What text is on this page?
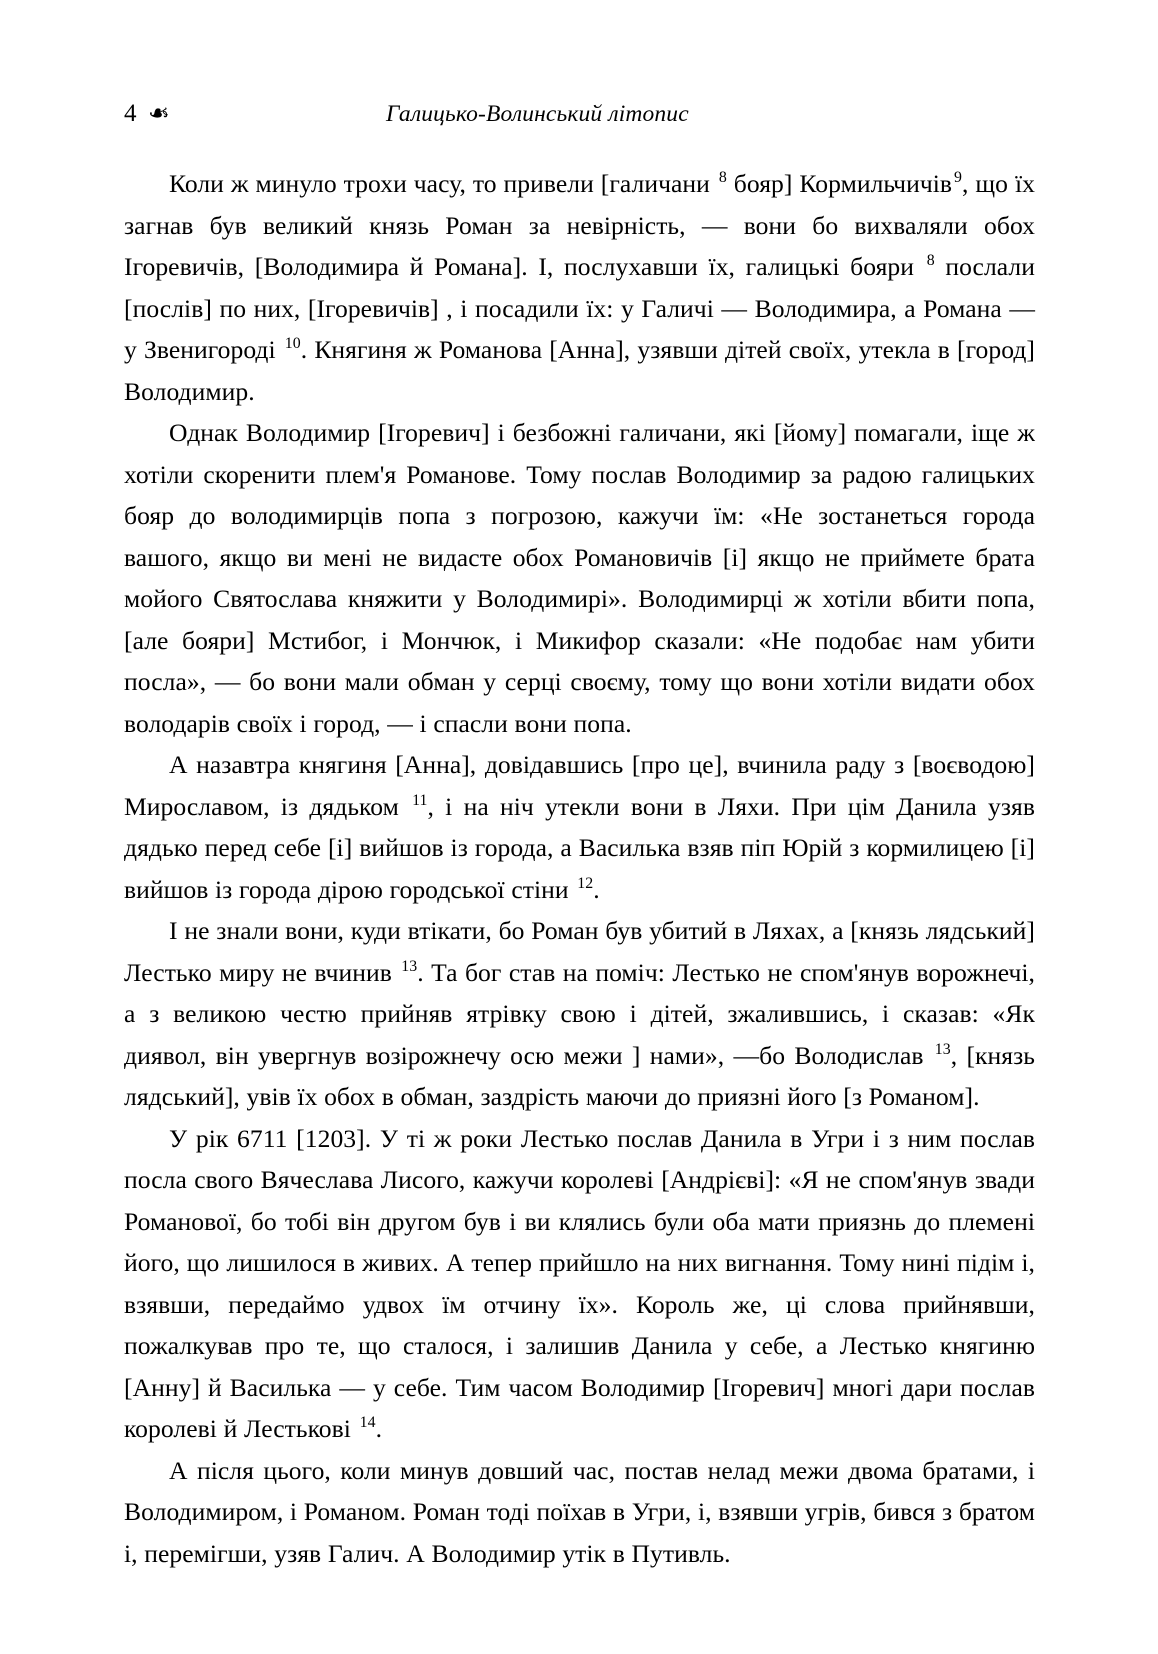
4 ❧	Галицько-Волинський літопис

Коли ж минуло трохи часу, то привели [галичани $^8$ бояр] Кормильчичів $^9$, що їх загнав був великий князь Роман за невірність, — вони бо вихваляли обох Ігоревичів, [Володимира й Романа]. І, послухавши їх, галицькі бояри $^8$ послали [послів] по них, [Ігоревичів] , і посадили їх: у Галичі — Володимира, а Романа — у Звенигороді $^{10}$. Княгиня ж Романова [Анна], узявши дітей своїх, утекла в [город] Володимир.

Однак Володимир [Ігоревич] і безбожні галичани, які [йому] помагали, іще ж хотіли скоренити плем'я Романове. Тому послав Володимир за радою галицьких бояр до володимирців попа з погрозою, кажучи їм: «Не зостанеться города вашого, якщо ви мені не видасте обох Романовичів [і] якщо не приймете брата мойого Святослава княжити у Володимирі». Володимирці ж хотіли вбити попа, [але бояри] Мстибог, і Мончюк, і Микифор сказали: «Не подобає нам убити посла», — бо вони мали обман у серці своєму, тому що вони хотіли видати обох володарів своїх і город, — і спасли вони попа.

А назавтра княгиня [Анна], довідавшись [про це], вчинила раду з [воєводою] Мирославом, із дядьком $^{11}$, і на ніч утекли вони в Ляхи. При цім Данила узяв дядько перед себе [і] вийшов із города, а Василька взяв піп Юрій з кормилицею [і] вийшов із города дірою городської стіни $^{12}$.

І не знали вони, куди втікати, бо Роман був убитий в Ляхах, а [князь лядський] Лестько миру не вчинив $^{13}$. Та бог став на поміч: Лестько не спом'янув ворожнечі, а з великою честю прийняв ятрівку свою і дітей, зжалившись, і сказав: «Як диявол, він увергнув возірожнечу осю межи ] нами», —бо Володислав $^{13}$, [князь лядський], увів їх обох в обман, заздрість маючи до приязні його [з Романом].

У рік 6711 [1203]. У ті ж роки Лестько послав Данила в Угри і з ним послав посла свого Вячеслава Лисого, кажучи королеві [Андрієві]: «Я не спом'янув звади Романової, бо тобі він другом був і ви клялись були оба мати приязнь до племені його, що лишилося в живих. А тепер прийшло на них вигнання. Тому нині підім і, взявши, передаймо удвох їм отчину їх». Король же, ці слова прийнявши, пожалкував про те, що сталося, і залишив Данила у себе, а Лестько княгиню [Анну] й Василька — у себе. Тим часом Володимир [Ігоревич] многі дари послав королеві й Лестькові $^{14}$.

А після цього, коли минув довший час, постав нелад межи двома братами, і Володимиром, і Романом. Роман тоді поїхав в Угри, і, взявши угрів, бився з братом і, перемігши, узяв Галич. А Володимир утік в Путивль.
